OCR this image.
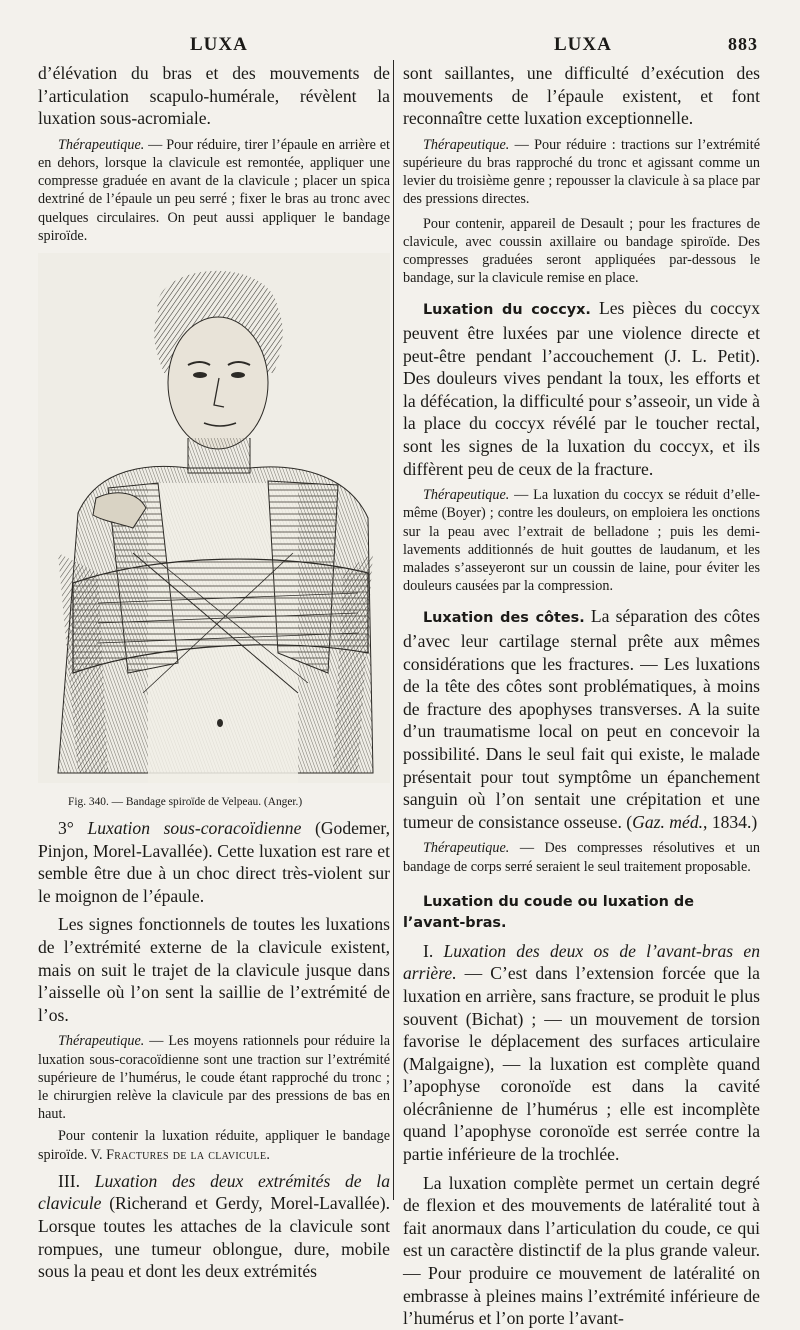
LUXA	LUXA	883

d’élévation du bras et des mouvements de l’articulation scapulo-humérale, révèlent la luxation sous-acromiale.

Thérapeutique. — Pour réduire, tirer l’épaule en arrière et en dehors, lorsque la clavicule est remontée, appliquer une compresse graduée en avant de la clavicule ; placer un spica dextriné de l’épaule un peu serré ; fixer le bras au tronc avec quelques circulaires. On peut aussi appliquer le bandage spiroïde.

Fig. 340. — Bandage spiroïde de Velpeau. (Anger.)

3° Luxation sous-coracoïdienne (Godemer, Pinjon, Morel-Lavallée). Cette luxation est rare et semble être due à un choc direct très-violent sur le moignon de l’épaule.

Les signes fonctionnels de toutes les luxations de l’extrémité externe de la clavicule existent, mais on suit le trajet de la clavicule jusque dans l’aisselle où l’on sent la saillie de l’extrémité de l’os.

Thérapeutique. — Les moyens rationnels pour réduire la luxation sous-coracoïdienne sont une traction sur l’extrémité supérieure de l’humérus, le coude étant rapproché du tronc ; le chirurgien relève la clavicule par des pressions de bas en haut.

Pour contenir la luxation réduite, appliquer le bandage spiroïde. V. Fractures de la clavicule.

III. Luxation des deux extrémités de la clavicule (Richerand et Gerdy, Morel-Lavallée). Lorsque toutes les attaches de la clavicule sont rompues, une tumeur oblongue, dure, mobile sous la peau et dont les deux extrémités

sont saillantes, une difficulté d’exécution des mouvements de l’épaule existent, et font reconnaître cette luxation exceptionnelle.

Thérapeutique. — Pour réduire : tractions sur l’extrémité supérieure du bras rapproché du tronc et agissant comme un levier du troisième genre ; repousser la clavicule à sa place par des pressions directes.

Pour contenir, appareil de Desault ; pour les fractures de clavicule, avec coussin axillaire ou bandage spiroïde. Des compresses graduées seront appliquées par-dessous le bandage, sur la clavicule remise en place.

Luxation du coccyx. Les pièces du coccyx peuvent être luxées par une violence directe et peut-être pendant l’accouchement (J. L. Petit). Des douleurs vives pendant la toux, les efforts et la défécation, la difficulté pour s’asseoir, un vide à la place du coccyx révélé par le toucher rectal, sont les signes de la luxation du coccyx, et ils diffèrent peu de ceux de la fracture.

Thérapeutique. — La luxation du coccyx se réduit d’elle-même (Boyer) ; contre les douleurs, on emploiera les onctions sur la peau avec l’extrait de belladone ; puis les demi-lavements additionnés de huit gouttes de laudanum, et les malades s’asseyeront sur un coussin de laine, pour éviter les douleurs causées par la compression.

Luxation des côtes. La séparation des côtes d’avec leur cartilage sternal prête aux mêmes considérations que les fractures. — Les luxations de la tête des côtes sont problématiques, à moins de fracture des apophyses transverses. A la suite d’un traumatisme local on peut en concevoir la possibilité. Dans le seul fait qui existe, le malade présentait pour tout symptôme un épanchement sanguin où l’on sentait une crépitation et une tumeur de consistance osseuse. (Gaz. méd., 1834.)

Thérapeutique. — Des compresses résolutives et un bandage de corps serré seraient le seul traitement proposable.

Luxation du coude ou luxation de l’avant-bras.

I. Luxation des deux os de l’avant-bras en arrière. — C’est dans l’extension forcée que la luxation en arrière, sans fracture, se produit le plus souvent (Bichat) ; — un mouvement de torsion favorise le déplacement des surfaces articulaire (Malgaigne), — la luxation est complète quand l’apophyse coronoïde est dans la cavité olécrânienne de l’humérus ; elle est incomplète quand l’apophyse coronoïde est serrée contre la partie inférieure de la trochlée.

La luxation complète permet un certain degré de flexion et des mouvements de latéralité tout à fait anormaux dans l’articulation du coude, ce qui est un caractère distinctif de la plus grande valeur. — Pour produire ce mouvement de latéralité on embrasse à pleines mains l’extrémité inférieure de l’humérus et l’on porte l’avant-
